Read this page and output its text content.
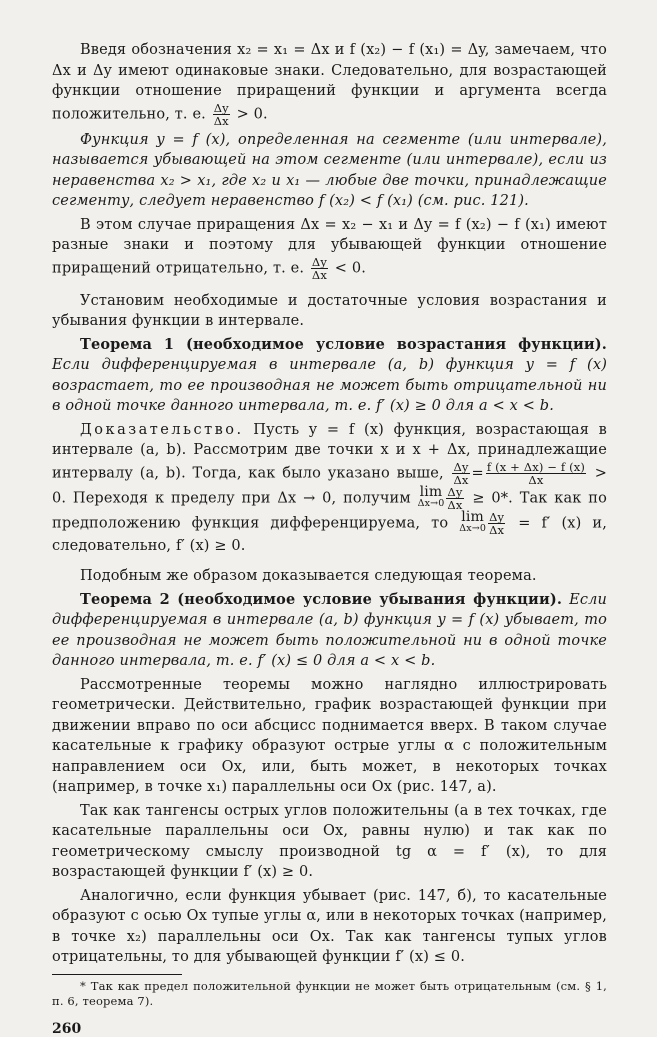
Введя обозначения x₂ = x₁ = Δx и f (x₂) − f (x₁) = Δy, замечаем, что Δx и Δy имеют одинаковые знаки. Следовательно, для возрастающей функции отношение приращений функции и аргумента всегда положительно, т. е. $\frac{\Delta y}{\Delta x} > 0$.

Функция y = f (x), определенная на сегменте (или интервале), называется убывающей на этом сегменте (или интервале), если из неравенства x₂ > x₁, где x₂ и x₁ — любые две точки, принадлежащие сегменту, следует неравенство f (x₂) < f (x₁) (см. рис. 121).

В этом случае приращения Δx = x₂ − x₁ и Δy = f (x₂) − f (x₁) имеют разные знаки и поэтому для убывающей функции отношение приращений отрицательно, т. е. $\frac{\Delta y}{\Delta x} < 0$.

Установим необходимые и достаточные условия возрастания и убывания функции в интервале.

Теорема 1 (необходимое условие возрастания функции). Если дифференцируемая в интервале (a, b) функция y = f (x) возрастает, то ее производная не может быть отрицательной ни в одной точке данного интервала, т. е. f′ (x) ≥ 0 для a < x < b.

Доказательство. Пусть y = f (x) функция, возрастающая в интервале (a, b). Рассмотрим две точки x и x + Δx, принадлежащие интервалу (a, b). Тогда, как было указано выше, $\frac{\Delta y}{\Delta x} = \frac{f (x + \Delta x) - f (x)}{\Delta x} > 0$. Переходя к пределу при Δx → 0, получим lim
$\Delta x\to 0 \frac{\Delta y}{\Delta x} \ge 0*$. Так как по предположению функция дифференцируема, то lim
$\Delta x\to 0 \frac{\Delta y}{\Delta x} = f'$ (x) и, следовательно, f′ (x) ≥ 0.

Подобным же образом доказывается следующая теорема.

Теорема 2 (необходимое условие убывания функции). Если дифференцируемая в интервале (a, b) функция y = f (x) убывает, то ее производная не может быть положительной ни в одной точке данного интервала, т. е. f′ (x) ≤ 0 для a < x < b.

Рассмотренные теоремы можно наглядно иллюстрировать геометрически. Действительно, график возрастающей функции при движении вправо по оси абсцисс поднимается вверх. В таком случае касательные к графику образуют острые углы α с положительным направлением оси Ox, или, быть может, в некоторых точках (например, в точке x₁) параллельны оси Ox (рис. 147, а).

Так как тангенсы острых углов положительны (а в тех точках, где касательные параллельны оси Ox, равны нулю) и так как по геометрическому смыслу производной tg α = f′ (x), то для возрастающей функции f′ (x) ≥ 0.

Аналогично, если функция убывает (рис. 147, б), то касательные образуют с осью Ox тупые углы α, или в некоторых точках (например, в точке x₂) параллельны оси Ox. Так как тангенсы тупых углов отрицательны, то для убывающей функции f′ (x) ≤ 0.

* Так как предел положительной функции не может быть отрицательным (см. § 1, п. 6, теорема 7).

260
